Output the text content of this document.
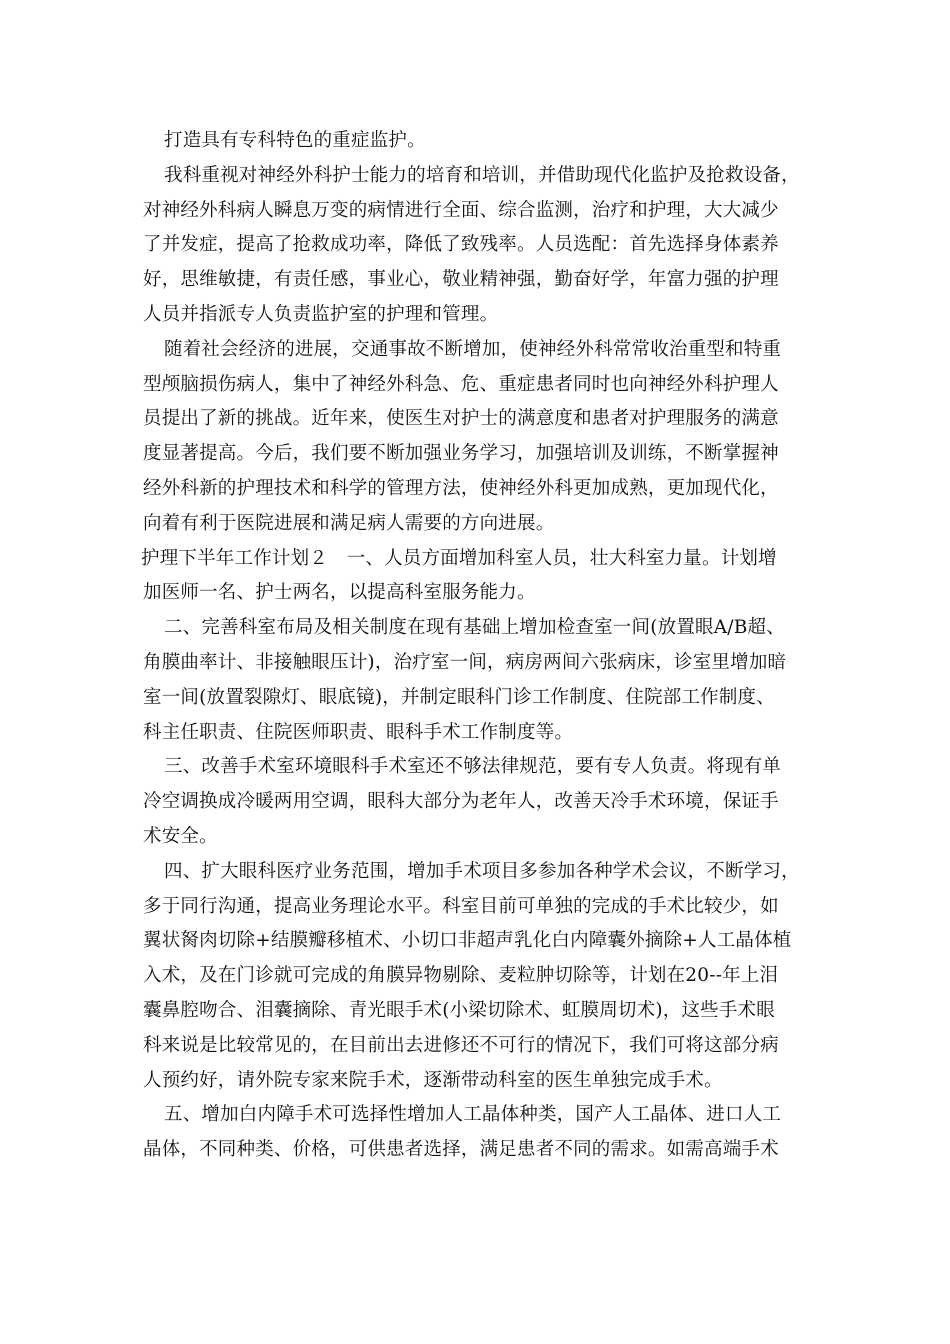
打造具有专科特色的重症监护。
我科重视对神经外科护士能力的培育和培训，并借助现代化监护及抢救设备，
对神经外科病人瞬息万变的病情进行全面、综合监测，治疗和护理，大大减少
了并发症，提高了抢救成功率，降低了致残率。人员选配：首先选择身体素养
好，思维敏捷，有责任感，事业心，敬业精神强，勤奋好学，年富力强的护理
人员并指派专人负责监护室的护理和管理。
随着社会经济的进展，交通事故不断增加，使神经外科常常收治重型和特重
型颅脑损伤病人，集中了神经外科急、危、重症患者同时也向神经外科护理人
员提出了新的挑战。近年来，使医生对护士的满意度和患者对护理服务的满意
度显著提高。今后，我们要不断加强业务学习，加强培训及训练，不断掌握神
经外科新的护理技术和科学的管理方法，使神经外科更加成熟，更加现代化，
向着有利于医院进展和满足病人需要的方向进展。
护理下半年工作计划２　一、人员方面增加科室人员，壮大科室力量。计划增
加医师一名、护士两名，以提高科室服务能力。
二、完善科室布局及相关制度在现有基础上增加检查室一间(放置眼A/B超、
角膜曲率计、非接触眼压计)，治疗室一间，病房两间六张病床，诊室里增加暗
室一间(放置裂隙灯、眼底镜)，并制定眼科门诊工作制度、住院部工作制度、
科主任职责、住院医师职责、眼科手术工作制度等。
三、改善手术室环境眼科手术室还不够法律规范，要有专人负责。将现有单
冷空调换成冷暖两用空调，眼科大部分为老年人，改善天冷手术环境，保证手
术安全。
四、扩大眼科医疗业务范围，增加手术项目多参加各种学术会议，不断学习，
多于同行沟通，提高业务理论水平。科室目前可单独的完成的手术比较少，如
翼状胬肉切除+结膜瓣移植术、小切口非超声乳化白内障囊外摘除+人工晶体植
入术，及在门诊就可完成的角膜异物剔除、麦粒肿切除等，计划在20--年上泪
囊鼻腔吻合、泪囊摘除、青光眼手术(小梁切除术、虹膜周切术)，这些手术眼
科来说是比较常见的，在目前出去进修还不可行的情况下，我们可将这部分病
人预约好，请外院专家来院手术，逐渐带动科室的医生单独完成手术。
五、增加白内障手术可选择性增加人工晶体种类，国产人工晶体、进口人工
晶体，不同种类、价格，可供患者选择，满足患者不同的需求。如需高端手术
